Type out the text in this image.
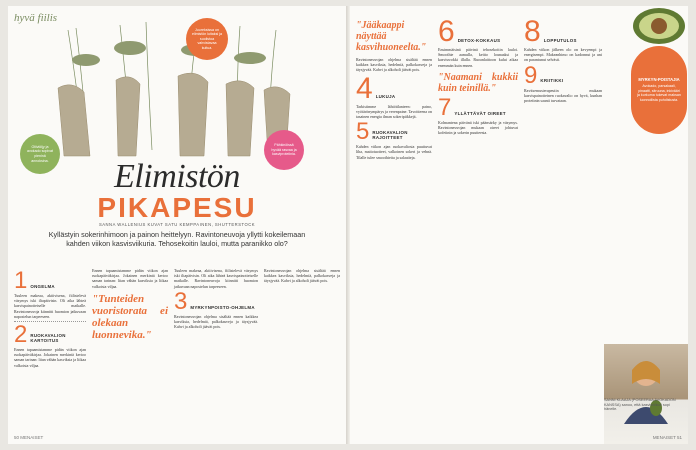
hyvä fiilis
Juureksissa on elimistön luitaksi ja suolistoa vahvistavaa kuitua.
Pähkinöissä hyvää rasvaa ja kasviproteiinia.
Oliiviöljy ja avokado sopivat pieninä annoksina.	Elimistön
PIKAPESU
SANNA WALLENIUS KUVAT SATU KEMPPAINEN, SHUTTERSTOCK
Kyllästyin sokerinhimoon ja painon heittelyyn. Ravintoneuvoja yllytti kokeilemaan kahden viikon kasvisviikuria. Tehosekoitin lauloi, mutta paranikko olo?
1 ONGELMA

Tuuleen makeaa, aktiivisena, fiilistelevä väsymys iski iltapäivisin. Oli aika lähteä kasvispainotteiselle matkalle. Ravintoneuvoja kiinnitti huomion jatkuvaan napostelun tarpeeseen.

2 RUOKAVALION KARTOITUS

Ennen tapaamistamme pidän viikon ajan ruokapäiväkirjaa. Jokainen merkintä kertoo saman tarinan: liian vähän kasviksia ja liikaa valkoista viljaa.

Ennen tapaamistamme pidän viikon ajan ruokapäiväkirjaa. Jokainen merkintä kertoo saman tarinan: liian vähän kasviksia ja liikaa valkoista viljaa.

"Tunteiden vuoristorata ei olekaan luonnevika."

Tuuleen makeaa, aktiivisena, fiilistelevä väsymys iski iltapäivisin. Oli aika lähteä kasvispainotteiselle matkalle. Ravintoneuvoja kiinnitti huomion jatkuvaan napostelun tarpeeseen.

3 MYRKYNPOISTO-OHJELMA

Ravintoneuvojan ohjelma sisältää ennen kaikkea kasviksia, hedelmiä, palkokasveja ja täysjyvää. Kahvi ja alkoholi jäävät pois.

Ravintoneuvojan ohjelma sisältää ennen kaikkea kasviksia, hedelmiä, palkokasveja ja täysjyvää. Kahvi ja alkoholi jäävät pois.

50 MENAISET
"Jääkaappi näyttää kasvihuoneelta."

Ravintoneuvojan ohjelma sisältää ennen kaikkea kasviksia, hedelmiä, palkokasveja ja täysjyvää. Kahvi ja alkoholi jäävät pois.

4 LUKUJA

Tarkistimme lähtötilanteen: paino, vyötärönympärys ja verenpaine. Tavoitteena on tasainen energia ilman sokeripiikkejä.

5 RUOKAVALION RAJOITTEET

Kahden viikon ajan ruokavaliosta puuttuvat liha, maitotuotteet, valkoinen sokeri ja vehnä. Tilalle tulee smoothieita ja salaatteja.

6 DETOX-KOKKAUS

Ensimmäisinä päivinä tehosekoitin lauloi. Smoothie aamulla, keitto lounaaksi ja kasviswokki illalla. Ruoanlaittoon kului aikaa enemmän kuin ennen.

"Naamani kukkii kuin teinillä."
7 YLLÄTTÄVÄT OIREET

Kolmantena päivänä iski päänsärky ja väsymys. Ravintoneuvojan mukaan oireet johtuvat kofeiinin ja sokerin puutteesta.

8 LOPPUTULOS

Kahden viikon jälkeen olo on kevyempi ja energisempi. Makeanhimo on kadonnut ja uni on parantunut selvästi.

9 KRIITIKKI

Ravitsemusterapeutin mukaan kasvispainotteinen ruokavalio on hyvä, kunhan proteiinin saanti turvataan.

MYRKYN-POISTAJIA
Avokado, parsakaali, pinaatti, sitruuna, inkivääri ja kurkuma tukevat maksan luonnollista puhdistusta.
SANNI KLAAJA (POSEERAA AVOKADON KANSSA) sanoo, että kasvisviikuri sopi hänelle.
MENAISET 51
